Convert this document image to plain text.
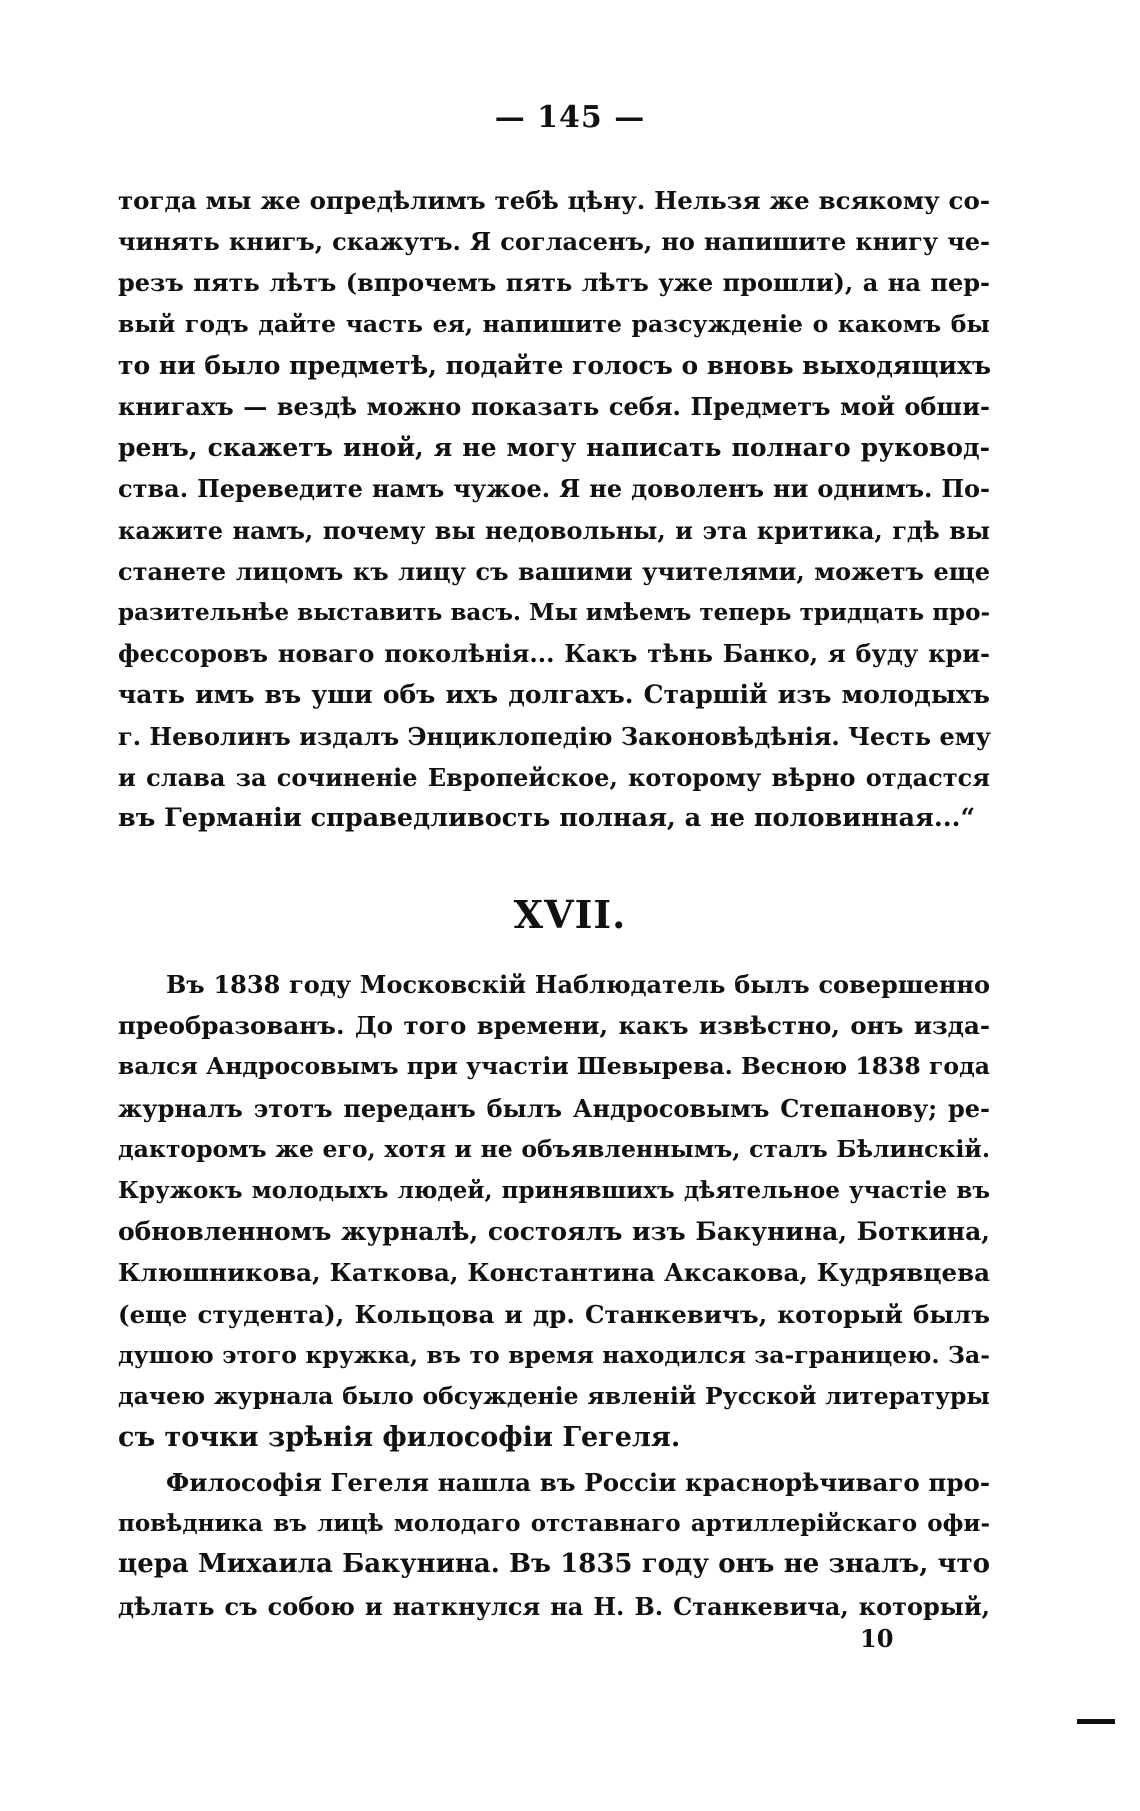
— 145 —
тогда мы же опредѣлимъ тебѣ цѣну. Нельзя же всякому со-
чинять книгъ, скажутъ. Я согласенъ, но напишите книгу че-
резъ пять лѣтъ (впрочемъ пять лѣтъ уже прошли), а на пер-
вый годъ дайте часть ея, напишите разсужденіе о какомъ бы
то ни было предметѣ, подайте голосъ о вновь выходящихъ
книгахъ — вездѣ можно показать себя. Предметъ мой обши-
ренъ, скажетъ иной, я не могу написать полнаго руковод-
ства. Переведите намъ чужое. Я не доволенъ ни однимъ. По-
кажите намъ, почему вы недовольны, и эта критика, гдѣ вы
станете лицомъ къ лицу съ вашими учителями, можетъ еще
разительнѣе выставить васъ. Мы имѣемъ теперь тридцать про-
фессоровъ новаго поколѣнія... Какъ тѣнь Банко, я буду кри-
чать имъ въ уши объ ихъ долгахъ. Старшій изъ молодыхъ
г. Неволинъ издалъ Энциклопедію Законовѣдѣнія. Честь ему
и слава за сочиненіе Европейское, которому вѣрно отдастся
въ Германіи справедливость полная, а не половинная...“
XVII.
Въ 1838 году Московскій Наблюдатель былъ совершенно
преобразованъ. До того времени, какъ извѣстно, онъ изда-
вался Андросовымъ при участіи Шевырева. Весною 1838 года
журналъ этотъ переданъ былъ Андросовымъ Степанову; ре-
дакторомъ же его, хотя и не объявленнымъ, сталъ Бѣлинскій.
Кружокъ молодыхъ людей, принявшихъ дѣятельное участіе въ
обновленномъ журналѣ, состоялъ изъ Бакунина, Боткина,
Клюшникова, Каткова, Константина Аксакова, Кудрявцева
(еще студента), Кольцова и др. Станкевичъ, который былъ
душою этого кружка, въ то время находился за-границею. За-
дачею журнала было обсужденіе явленій Русской литературы
съ точки зрѣнія философіи Гегеля.
Философія Гегеля нашла въ Россіи краснорѣчиваго про-
повѣдника въ лицѣ молодаго отставнаго артиллерійскаго офи-
цера Михаила Бакунина. Въ 1835 году онъ не зналъ, что
дѣлать съ собою и наткнулся на Н. В. Станкевича, который,
10
